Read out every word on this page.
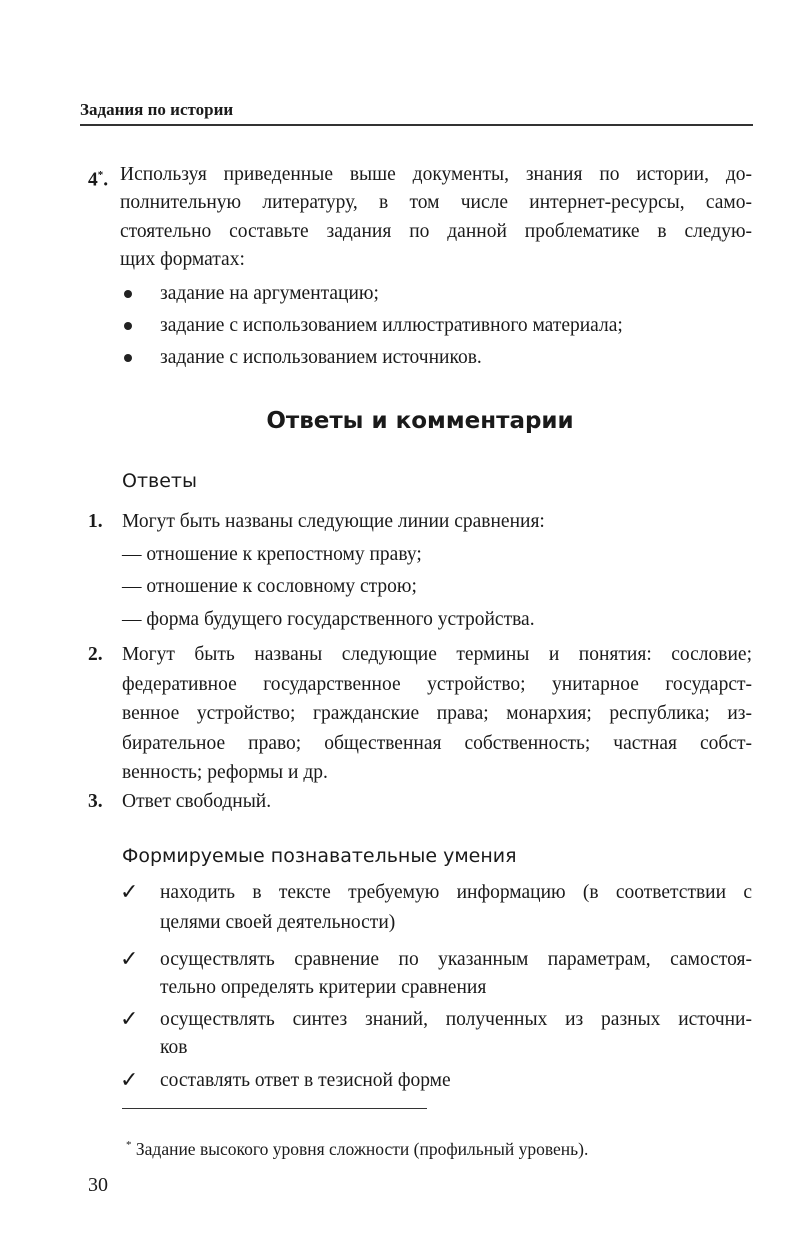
Задания по истории
4*. Используя приведенные выше документы, знания по истории, до-
полнительную литературу, в том числе интернет-ресурсы, само-
стоятельно составьте задания по данной проблематике в следую-
щих форматах:
задание на аргументацию;
задание с использованием иллюстративного материала;
задание с использованием источников.
Ответы и комментарии
Ответы
1. Могут быть названы следующие линии сравнения:
— отношение к крепостному праву;
— отношение к сословному строю;
— форма будущего государственного устройства.
2. Могут быть названы следующие термины и понятия: сословие;
федеративное государственное устройство; унитарное государст-
венное устройство; гражданские права; монархия; республика; из-
бирательное право; общественная собственность; частная собст-
венность; реформы и др.
3. Ответ свободный.
Формируемые познавательные умения
✓ находить в тексте требуемую информацию (в соответствии с
целями своей деятельности)
✓ осуществлять сравнение по указанным параметрам, самостоя-
тельно определять критерии сравнения
✓ осуществлять синтез знаний, полученных из разных источни-
ков
✓ составлять ответ в тезисной форме
* Задание высокого уровня сложности (профильный уровень).
30
